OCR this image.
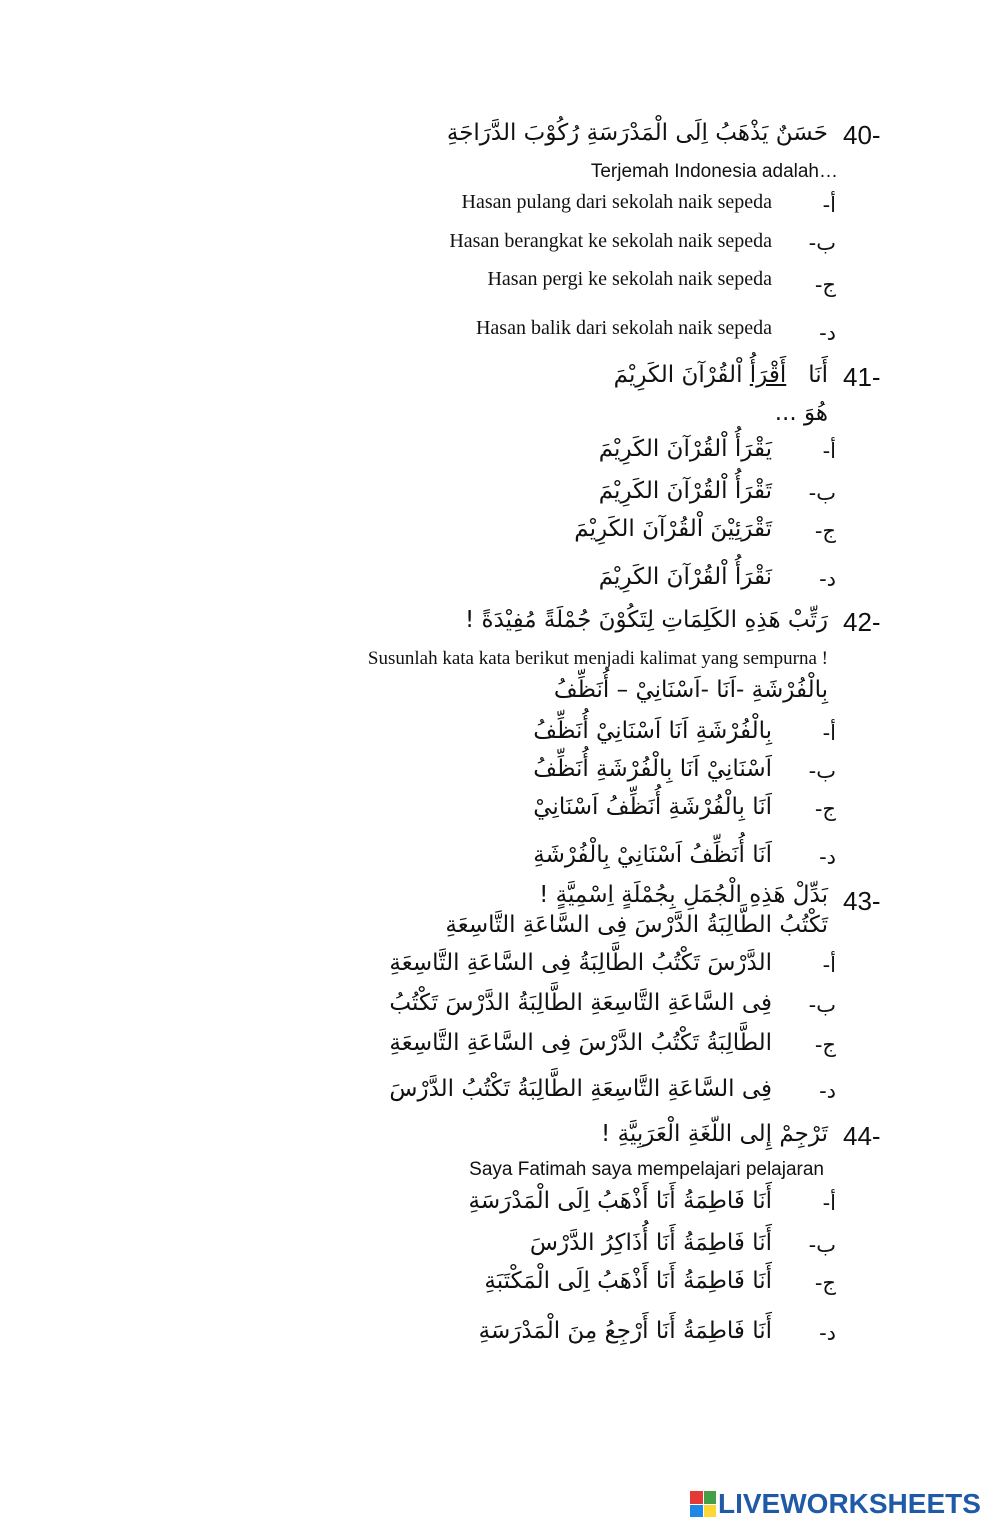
40-
حَسَنٌ يَذْهَبُ اِلَى الْمَدْرَسَةِ رُكُوْبَ الدَّرَاجَةِ
Terjemah Indonesia adalah…
أ-
Hasan pulang dari sekolah naik sepeda
ب-
Hasan berangkat ke sekolah naik sepeda
ج-
Hasan pergi ke sekolah naik sepeda
د-
Hasan balik dari sekolah naik sepeda
41-
أَنَا   أَقْرَأُ اْلقُرْآنَ الكَرِيْمَ
هُوَ ...
أ-
يَقْرَأُ اْلقُرْآنَ الكَرِيْمَ
ب-
تَقْرَأُ اْلقُرْآنَ الكَرِيْمَ
ج-
تَقْرَئِيْنَ اْلقُرْآنَ الكَرِيْمَ
د-
نَقْرَأُ اْلقُرْآنَ الكَرِيْمَ
42-
رَتِّبْ هَذِهِ الكَلِمَاتِ لِتَكُوْنَ جُمْلَةً مُفِيْدَةً !
Susunlah kata kata berikut menjadi kalimat yang sempurna !
بِالْفُرْشَةِ -اَنَا -اَسْنَانِيْ – أُنَظِّفُ
أ-
بِالْفُرْشَةِ اَنَا اَسْنَانِيْ أُنَظِّفُ
ب-
اَسْنَانِيْ اَنَا بِالْفُرْشَةِ أُنَظِّفُ
ج-
اَنَا بِالْفُرْشَةِ أُنَظِّفُ اَسْنَانِيْ
د-
اَنَا أُنَظِّفُ اَسْنَانِيْ بِالْفُرْشَةِ
43-
بَدِّلْ هَذِهِ الْجُمَلِ بِجُمْلَةٍ اِسْمِيَّةٍ !
تَكْتُبُ الطَّالِبَةُ الدَّرْسَ فِى السَّاعَةِ التَّاسِعَةِ
أ-
الدَّرْسَ تَكْتُبُ الطَّالِبَةُ فِى السَّاعَةِ التَّاسِعَةِ
ب-
فِى السَّاعَةِ التَّاسِعَةِ الطَّالِبَةُ الدَّرْسَ تَكْتُبُ
ج-
الطَّالِبَةُ تَكْتُبُ الدَّرْسَ فِى السَّاعَةِ التَّاسِعَةِ
د-
فِى السَّاعَةِ التَّاسِعَةِ الطَّالِبَةُ تَكْتُبُ الدَّرْسَ
44-
تَرْجِمْ إِلى اللّغَةِ الْعَرَبِيَّةِ !
Saya Fatimah saya mempelajari pelajaran
أ-
أَنَا فَاطِمَةُ أَنَا أَذْهَبُ اِلَى الْمَدْرَسَةِ
ب-
أَنَا فَاطِمَةُ أَنَا أُذَاكِرُ الدَّرْسَ
ج-
أَنَا فَاطِمَةُ أَنَا أَذْهَبُ اِلَى الْمَكْتَبَةِ
د-
أَنَا فَاطِمَةُ أَنَا أَرْجِعُ مِنَ الْمَدْرَسَةِ
LIVEWORKSHEETS
